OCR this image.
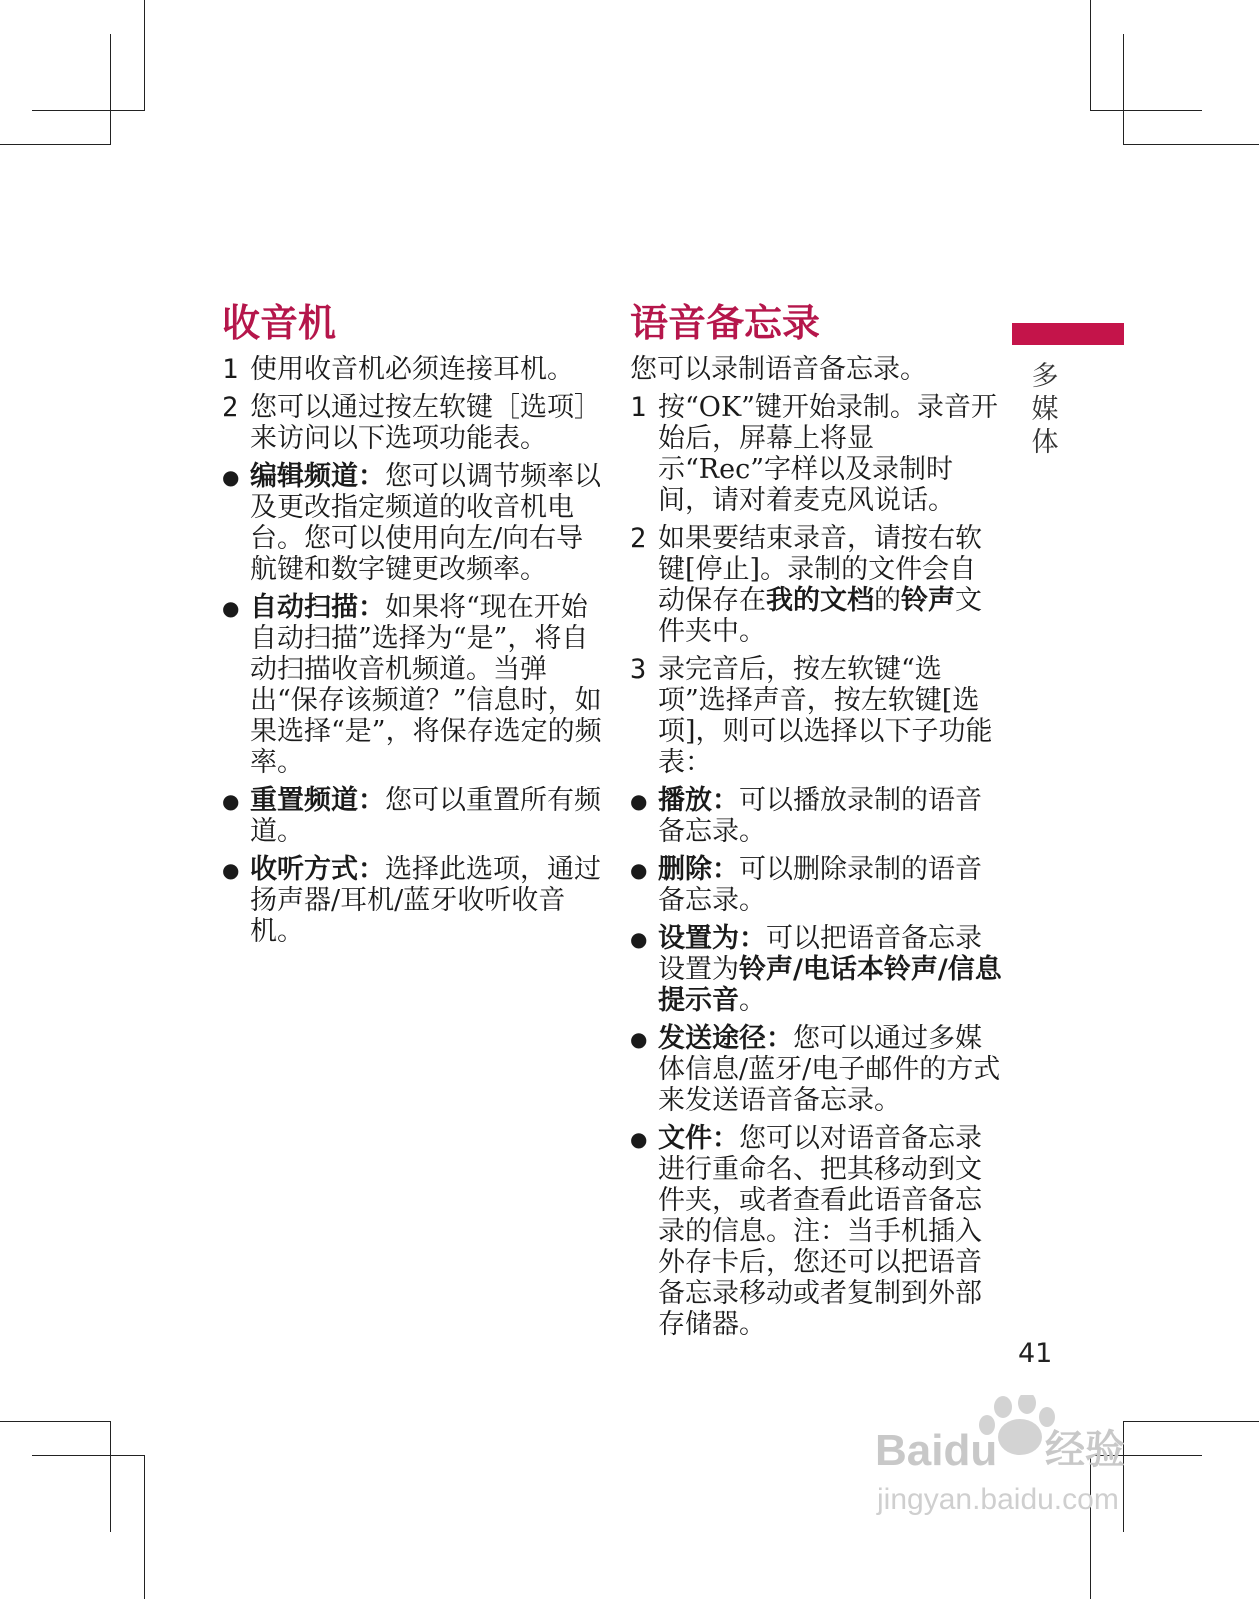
收音机
1 使用收音机必须连接耳机。
2 您可以通过按左软键［选项］来访问以下选项功能表。
● 编辑频道：您可以调节频率以及更改指定频道的收音机电台。您可以使用向左/向右导航键和数字键更改频率。
● 自动扫描：如果将“现在开始自动扫描”选择为“是”，将自动扫描收音机频道。当弹出“保存该频道？”信息时，如果选择“是”，将保存选定的频率。
● 重置频道：您可以重置所有频道。
● 收听方式：选择此选项，通过扬声器/耳机/蓝牙收听收音机。
语音备忘录

您可以录制语音备忘录。

1 按“OK”键开始录制。录音开始后，屏幕上将显示“Rec”字样以及录制时间，请对着麦克风说话。
2 如果要结束录音，请按右软键[停止]。录制的文件会自动保存在我的文档的铃声文件夹中。
3 录完音后，按左软键“选项”选择声音，按左软键[选项]，则可以选择以下子功能表：
● 播放：可以播放录制的语音备忘录。
● 删除：可以删除录制的语音备忘录。
● 设置为：可以把语音备忘录设置为铃声/电话本铃声/信息提示音。
● 发送途径：您可以通过多媒体信息/蓝牙/电子邮件的方式来发送语音备忘录。
● 文件：您可以对语音备忘录进行重命名、把其移动到文件夹，或者查看此语音备忘录的信息。注：当手机插入外存卡后，您还可以把语音备忘录移动或者复制到外部存储器。
多
媒
体
41
Baidu 经验
jingyan.baidu.com
